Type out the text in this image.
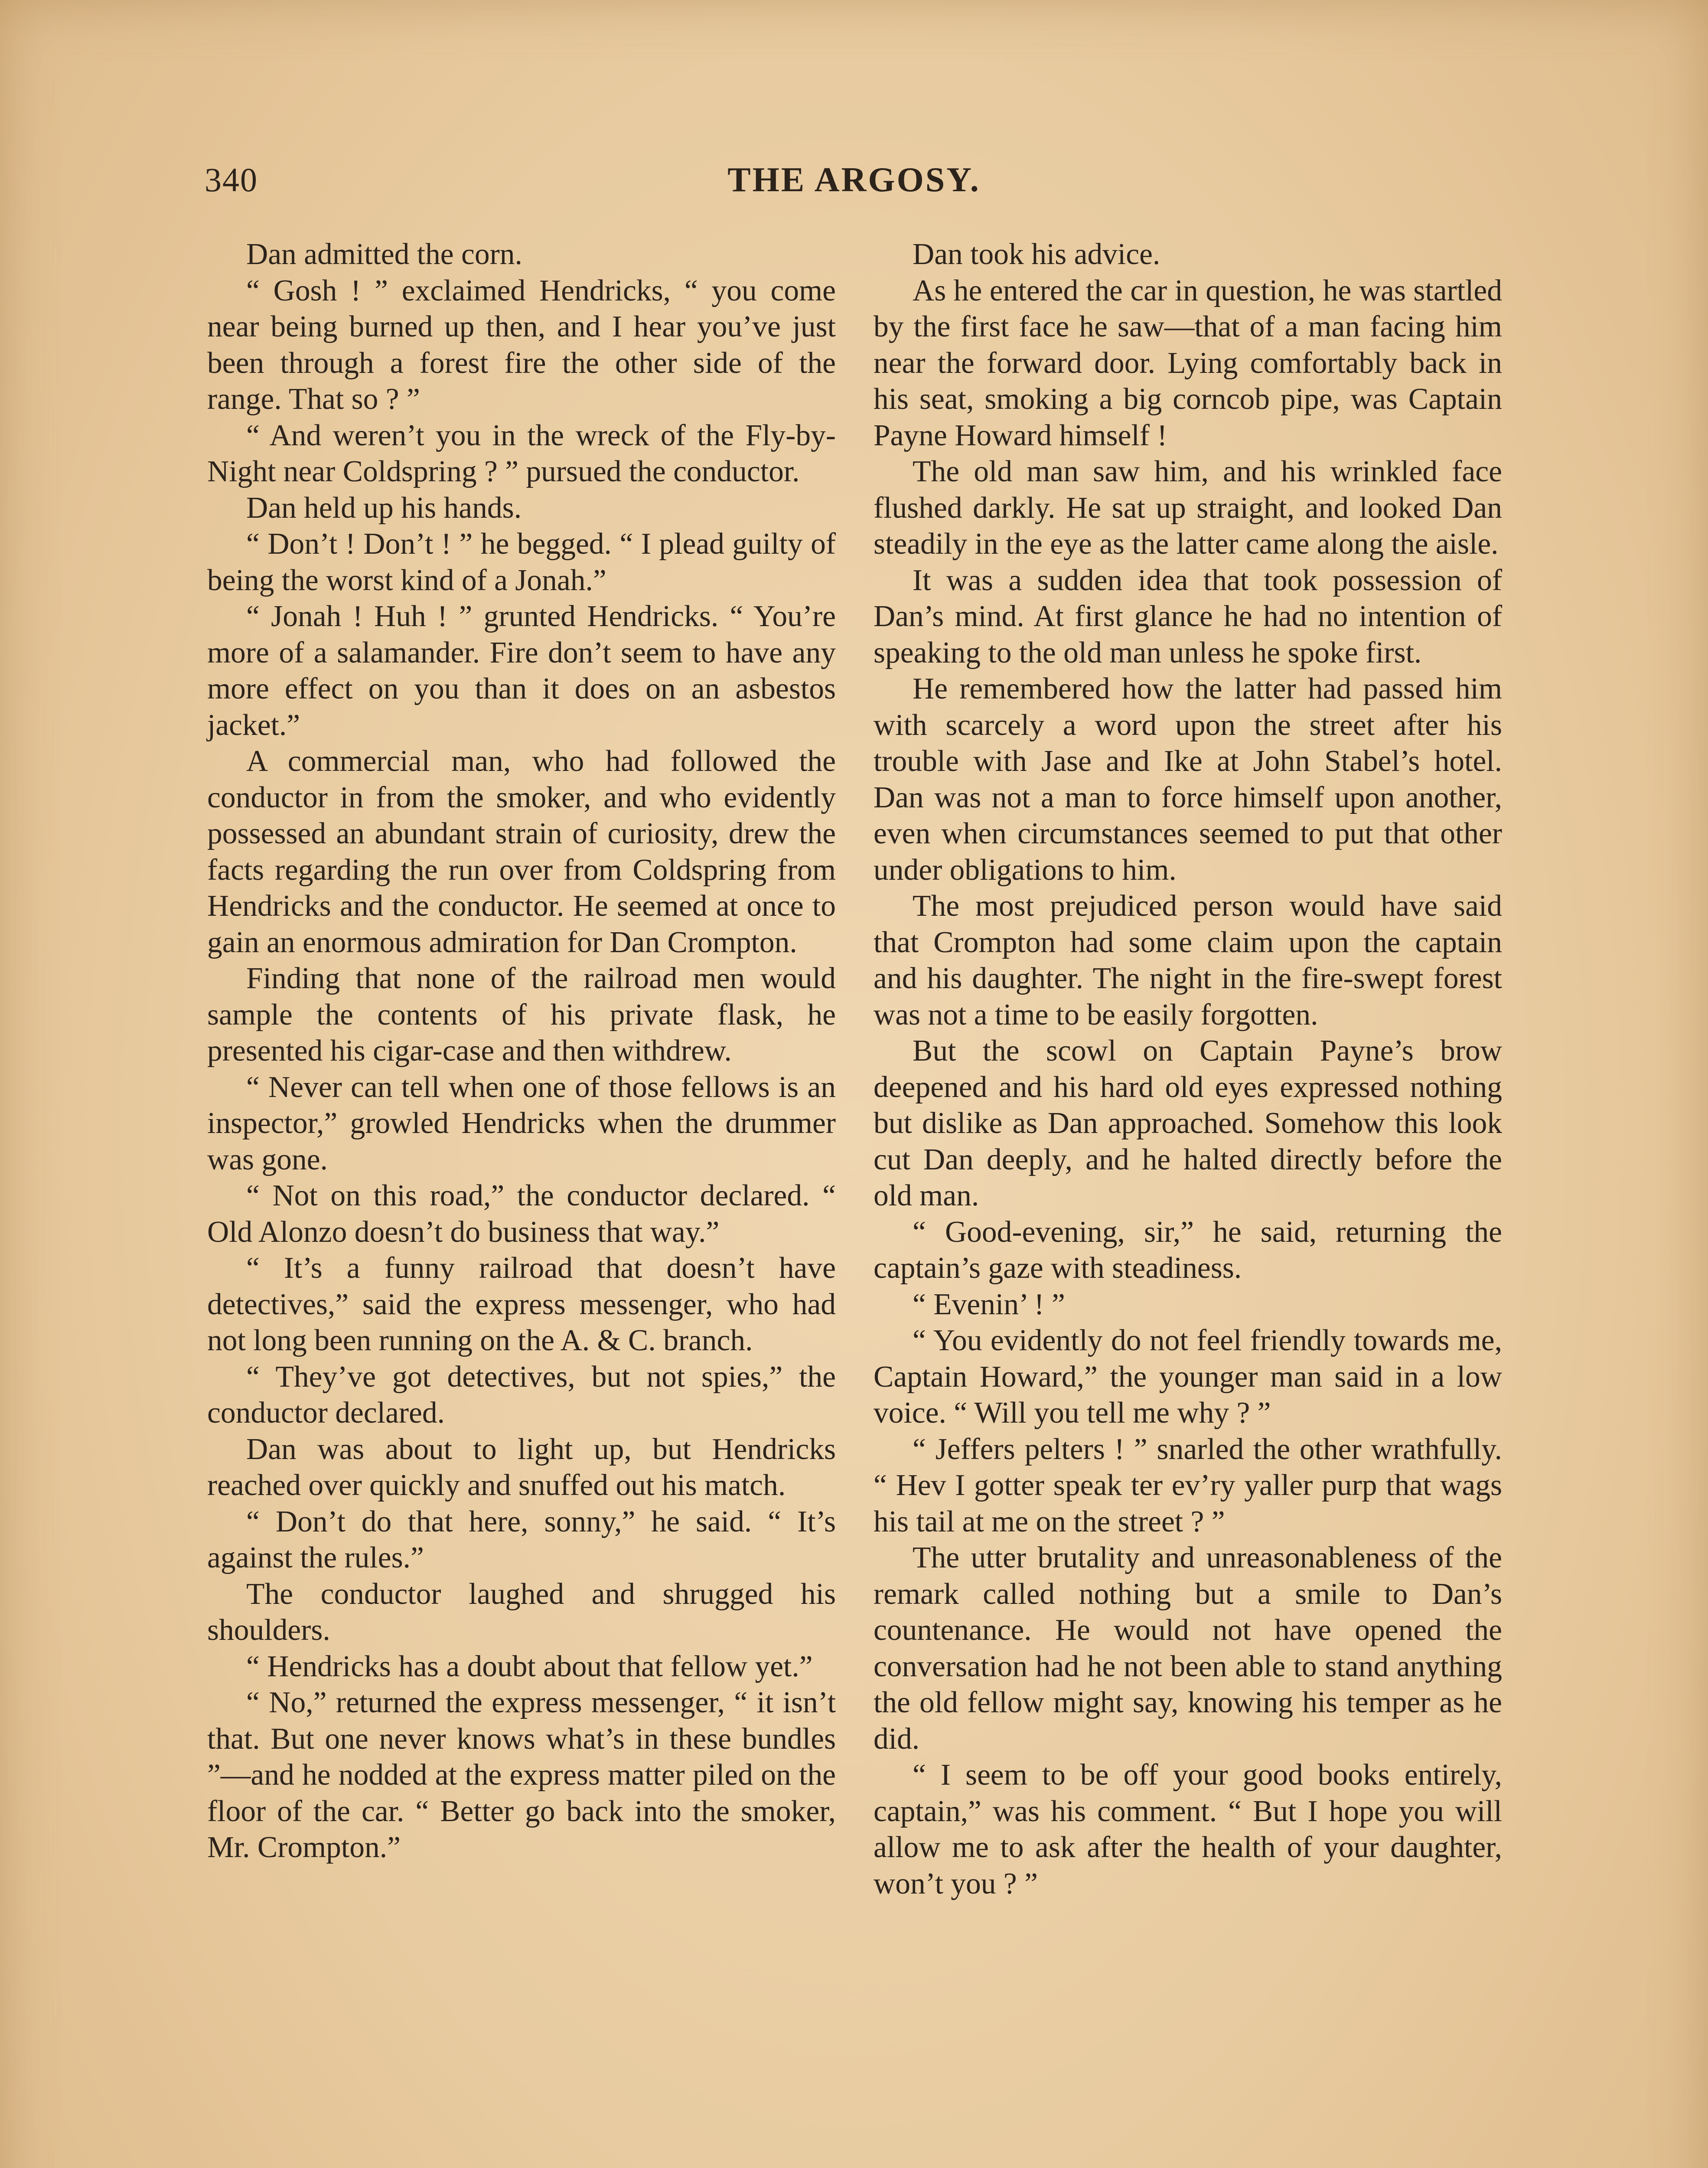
340	THE ARGOSY.

Dan admitted the corn.

“ Gosh ! ” exclaimed Hendricks, “ you come near being burned up then, and I hear you’ve just been through a forest fire the other side of the range. That so ? ”

“ And weren’t you in the wreck of the Fly-by-Night near Coldspring ? ” pursued the conductor.

Dan held up his hands.

“ Don’t ! Don’t ! ” he begged. “ I plead guilty of being the worst kind of a Jonah.”

“ Jonah ! Huh ! ” grunted Hendricks. “ You’re more of a salamander. Fire don’t seem to have any more effect on you than it does on an asbestos jacket.”

A commercial man, who had followed the conductor in from the smoker, and who evidently possessed an abundant strain of curiosity, drew the facts regarding the run over from Coldspring from Hendricks and the conductor. He seemed at once to gain an enormous admiration for Dan Crompton.

Finding that none of the railroad men would sample the contents of his private flask, he presented his cigar-case and then withdrew.

“ Never can tell when one of those fellows is an inspector,” growled Hendricks when the drummer was gone.

“ Not on this road,” the conductor declared. “ Old Alonzo doesn’t do business that way.”

“ It’s a funny railroad that doesn’t have detectives,” said the express messenger, who had not long been running on the A. & C. branch.

“ They’ve got detectives, but not spies,” the conductor declared.

Dan was about to light up, but Hendricks reached over quickly and snuffed out his match.

“ Don’t do that here, sonny,” he said. “ It’s against the rules.”

The conductor laughed and shrugged his shoulders.

“ Hendricks has a doubt about that fellow yet.”

“ No,” returned the express messenger, “ it isn’t that. But one never knows what’s in these bundles ”—and he nodded at the express matter piled on the floor of the car. “ Better go back into the smoker, Mr. Crompton.”

Dan took his advice.

As he entered the car in question, he was startled by the first face he saw—that of a man facing him near the forward door. Lying comfortably back in his seat, smoking a big corncob pipe, was Captain Payne Howard himself !

The old man saw him, and his wrinkled face flushed darkly. He sat up straight, and looked Dan steadily in the eye as the latter came along the aisle.

It was a sudden idea that took possession of Dan’s mind. At first glance he had no intention of speaking to the old man unless he spoke first.

He remembered how the latter had passed him with scarcely a word upon the street after his trouble with Jase and Ike at John Stabel’s hotel. Dan was not a man to force himself upon another, even when circumstances seemed to put that other under obligations to him.

The most prejudiced person would have said that Crompton had some claim upon the captain and his daughter. The night in the fire-swept forest was not a time to be easily forgotten.

But the scowl on Captain Payne’s brow deepened and his hard old eyes expressed nothing but dislike as Dan approached. Somehow this look cut Dan deeply, and he halted directly before the old man.

“ Good-evening, sir,” he said, returning the captain’s gaze with steadiness.

“ Evenin’ ! ”

“ You evidently do not feel friendly towards me, Captain Howard,” the younger man said in a low voice. “ Will you tell me why ? ”

“ Jeffers pelters ! ” snarled the other wrathfully. “ Hev I gotter speak ter ev’ry yaller purp that wags his tail at me on the street ? ”

The utter brutality and unreasonableness of the remark called nothing but a smile to Dan’s countenance. He would not have opened the conversation had he not been able to stand anything the old fellow might say, knowing his temper as he did.

“ I seem to be off your good books entirely, captain,” was his comment. “ But I hope you will allow me to ask after the health of your daughter, won’t you ? ”
